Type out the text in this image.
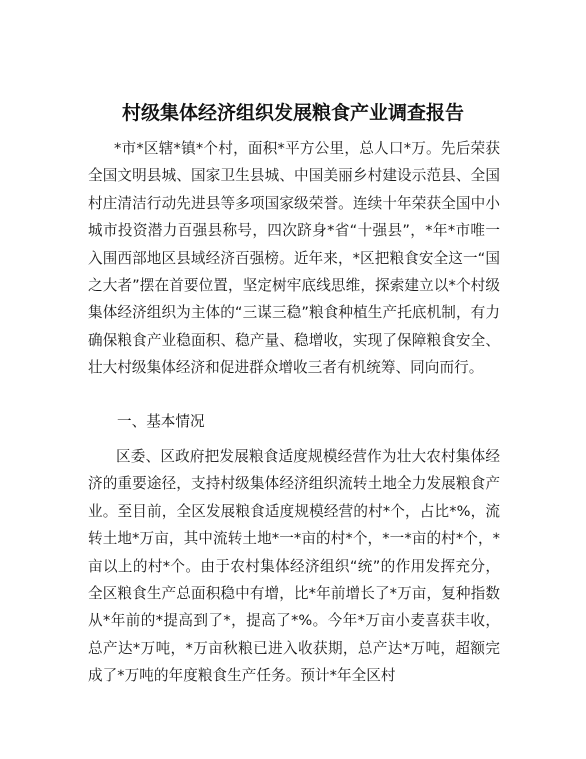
村级集体经济组织发展粮食产业调查报告
*市*区辖*镇*个村，面积*平方公里，总人口*万。先后荣获全国文明县城、国家卫生县城、中国美丽乡村建设示范县、全国村庄清洁行动先进县等多项国家级荣誉。连续十年荣获全国中小城市投资潜力百强县称号，四次跻身*省“十强县”，*年*市唯一入围西部地区县域经济百强榜。近年来，*区把粮食安全这一“国之大者”摆在首要位置，坚定树牢底线思维，探索建立以*个村级集体经济组织为主体的“三谋三稳”粮食种植生产托底机制，有力确保粮食产业稳面积、稳产量、稳增收，实现了保障粮食安全、壮大村级集体经济和促进群众增收三者有机统筹、同向而行。
一、基本情况
区委、区政府把发展粮食适度规模经营作为壮大农村集体经济的重要途径，支持村级集体经济组织流转土地全力发展粮食产业。至目前，全区发展粮食适度规模经营的村*个，占比*%，流转土地*万亩，其中流转土地*一*亩的村*个，*一*亩的村*个，*亩以上的村*个。由于农村集体经济组织“统”的作用发挥充分，全区粮食生产总面积稳中有增，比*年前增长了*万亩，复种指数从*年前的*提高到了*，提高了*%。今年*万亩小麦喜获丰收，总产达*万吨，*万亩秋粮已进入收获期，总产达*万吨，超额完成了*万吨的年度粮食生产任务。预计*年全区村
